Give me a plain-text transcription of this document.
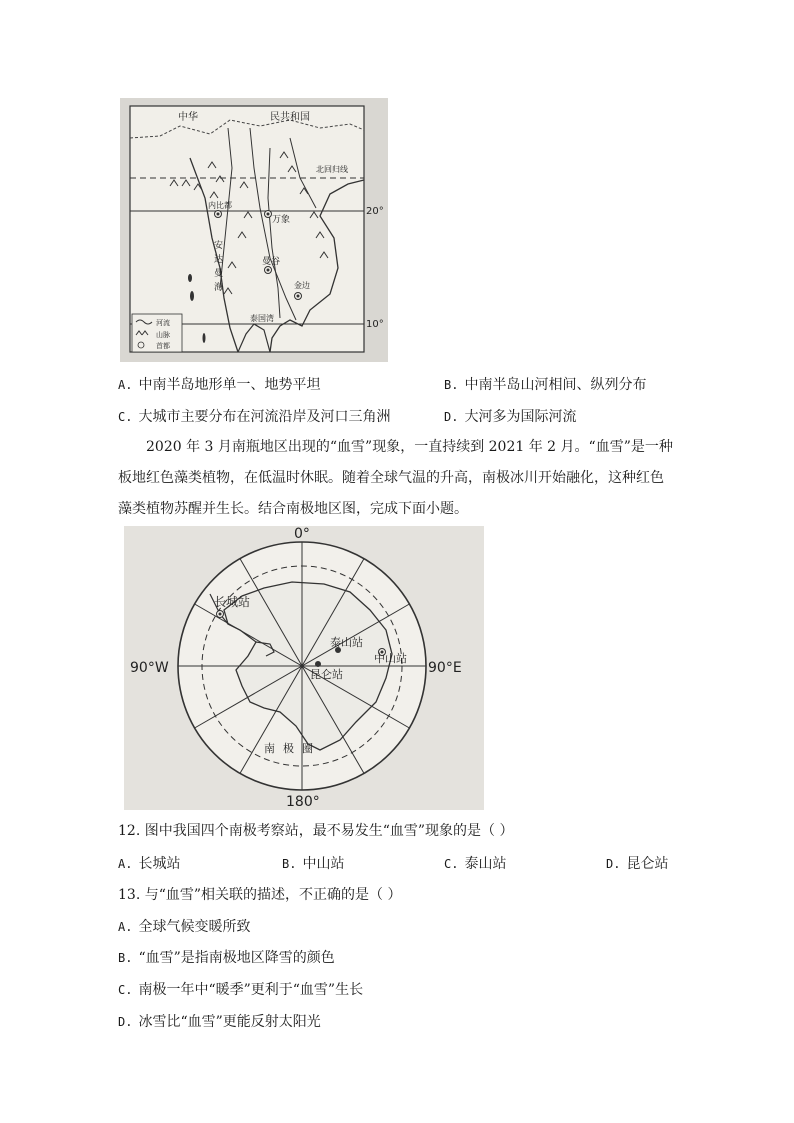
中华	民共和国
北回归线
20°
10°
内比都
万象
曼谷
金边
泰国湾
安
达
曼
海
河流
山脉
首都
A. 中南半岛地形单一、地势平坦	B. 中南半岛山河相间、纵列分布
C. 大城市主要分布在河流沿岸及河口三角洲	D. 大河多为国际河流
2020 年 3 月南瓶地区出现的“血雪”现象，一直持续到 2021 年 2 月。“血雪”是一种
板地红色藻类植物，在低温时休眠。随着全球气温的升高，南极冰川开始融化，这种红色
藻类植物苏醒并生长。结合南极地区图，完成下面小题。
0°
180°
90°W	90°E
长城站
泰山站
中山站
昆仑站
南极圈
12. 图中我国四个南极考察站，最不易发生“血雪”现象的是（ ）
A. 长城站	B. 中山站	C. 泰山站	D. 昆仑站
13. 与“血雪”相关联的描述，不正确的是（ ）
A. 全球气候变暖所致
B. “血雪”是指南极地区降雪的颜色
C. 南极一年中“暖季”更利于“血雪”生长
D. 冰雪比“血雪”更能反射太阳光
